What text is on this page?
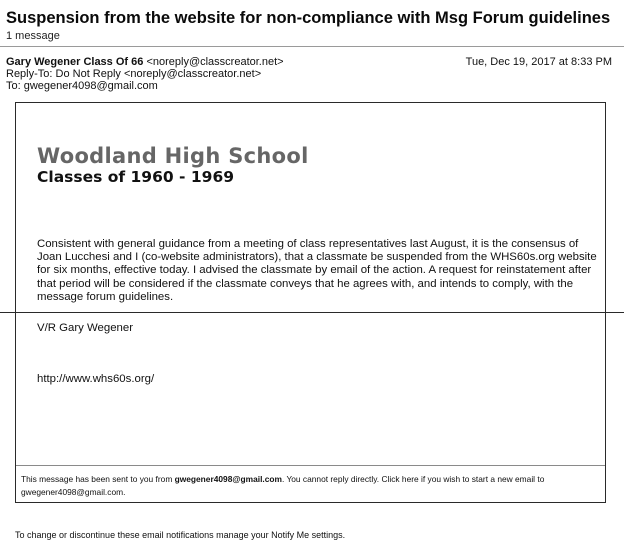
Suspension from the website for non-compliance with Msg Forum guidelines
1 message
Gary Wegener Class Of 66 <noreply@classcreator.net>	Tue, Dec 19, 2017 at 8:33 PM
Reply-To: Do Not Reply <noreply@classcreator.net>
To: gwegener4098@gmail.com
Woodland High School
Classes of 1960 - 1969
Consistent with general guidance from a meeting of class representatives last August, it is the consensus of Joan Lucchesi and I (co-website administrators), that a classmate be suspended from the WHS60s.org website for six months, effective today. I advised the classmate by email of the action. A request for reinstatement after that period will be considered if the classmate conveys that he agrees with, and intends to comply, with the message forum guidelines.
V/R Gary Wegener
http://www.whs60s.org/
This message has been sent to you from gwegener4098@gmail.com. You cannot reply directly. Click here if you wish to start a new email to gwegener4098@gmail.com.
To change or discontinue these email notifications manage your Notify Me settings.
